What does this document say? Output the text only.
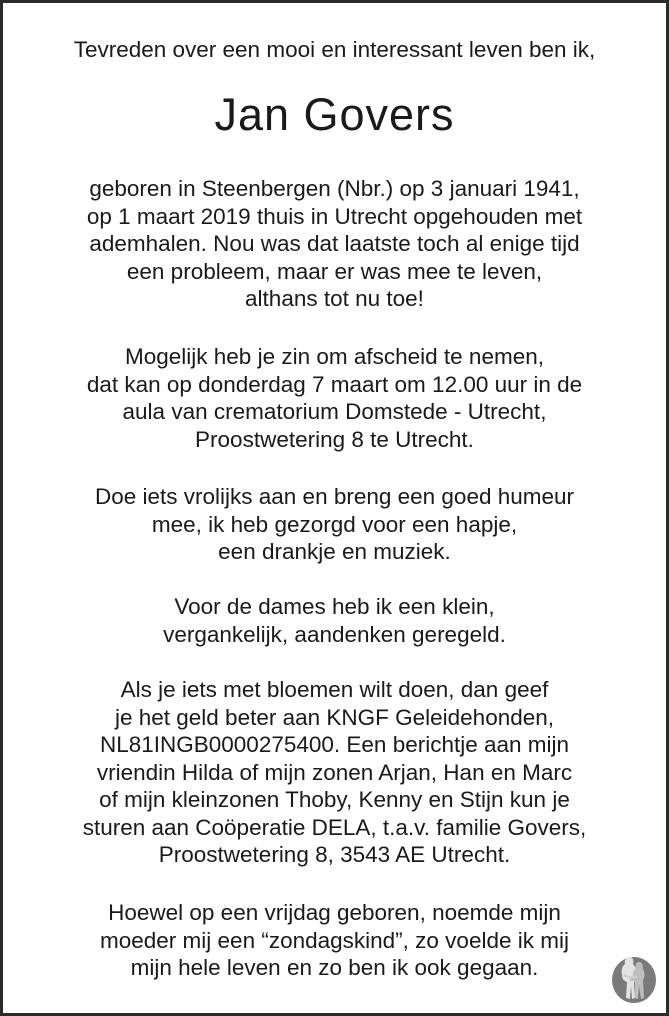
Tevreden over een mooi en interessant leven ben ik,
Jan Govers
geboren in Steenbergen (Nbr.) op 3 januari 1941,
op 1 maart 2019 thuis in Utrecht opgehouden met
ademhalen. Nou was dat laatste toch al enige tijd
een probleem, maar er was mee te leven,
althans tot nu toe!
Mogelijk heb je zin om afscheid te nemen,
dat kan op donderdag 7 maart om 12.00 uur in de
aula van crematorium Domstede - Utrecht,
Proostwetering 8 te Utrecht.
Doe iets vrolijks aan en breng een goed humeur
mee, ik heb gezorgd voor een hapje,
een drankje en muziek.
Voor de dames heb ik een klein,
vergankelijk, aandenken geregeld.
Als je iets met bloemen wilt doen, dan geef
je het geld beter aan KNGF Geleidehonden,
NL81INGB0000275400. Een berichtje aan mijn
vriendin Hilda of mijn zonen Arjan, Han en Marc
of mijn kleinzonen Thoby, Kenny en Stijn kun je
sturen aan Coöperatie DELA, t.a.v. familie Govers,
Proostwetering 8, 3543 AE Utrecht.
Hoewel op een vrijdag geboren, noemde mijn
moeder mij een “zondagskind”, zo voelde ik mij
mijn hele leven en zo ben ik ook gegaan.
